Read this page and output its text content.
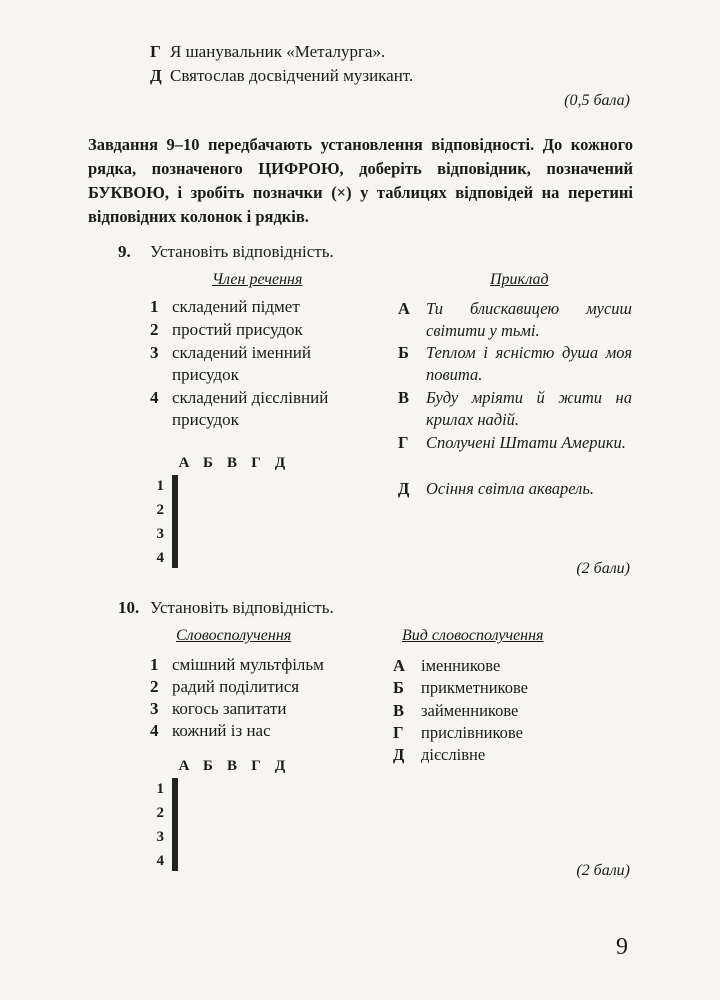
Г Я шанувальник «Металурга».
Д Святослав досвідчений музикант.
(0,5 бала)
Завдання 9–10 передбачають установлення відповідності. До кожного рядка, позначеного ЦИФРОЮ, доберіть відповідник, позначений БУКВОЮ, і зробіть позначки (×) у таблицях відповідей на перетині відповідних колонок і рядків.
9. Установіть відповідність.
Член речення	Приклад
1 складений підмет
2 простий присудок
3 складений іменний присудок
4 складений дієслівний присудок
А Ти блискавицею мусиш світити у тьмі.
Б Теплом і ясністю душа моя повита.
В Буду мріяти й жити на крилах надій.
Г Сполучені Штати Америки.
Д Осіння світла акварель.
А Б В Г Д
1
2
3
4

(2 бали)
10. Установіть відповідність.
Словосполучення	Вид словосполучення
1 смішний мультфільм
2 радий поділитися
3 когось запитати
4 кожний із нас
А іменникове
Б прикметникове
В займенникове
Г прислівникове
Д дієслівне
А Б В Г Д
1
2
3
4

(2 бали)
9
